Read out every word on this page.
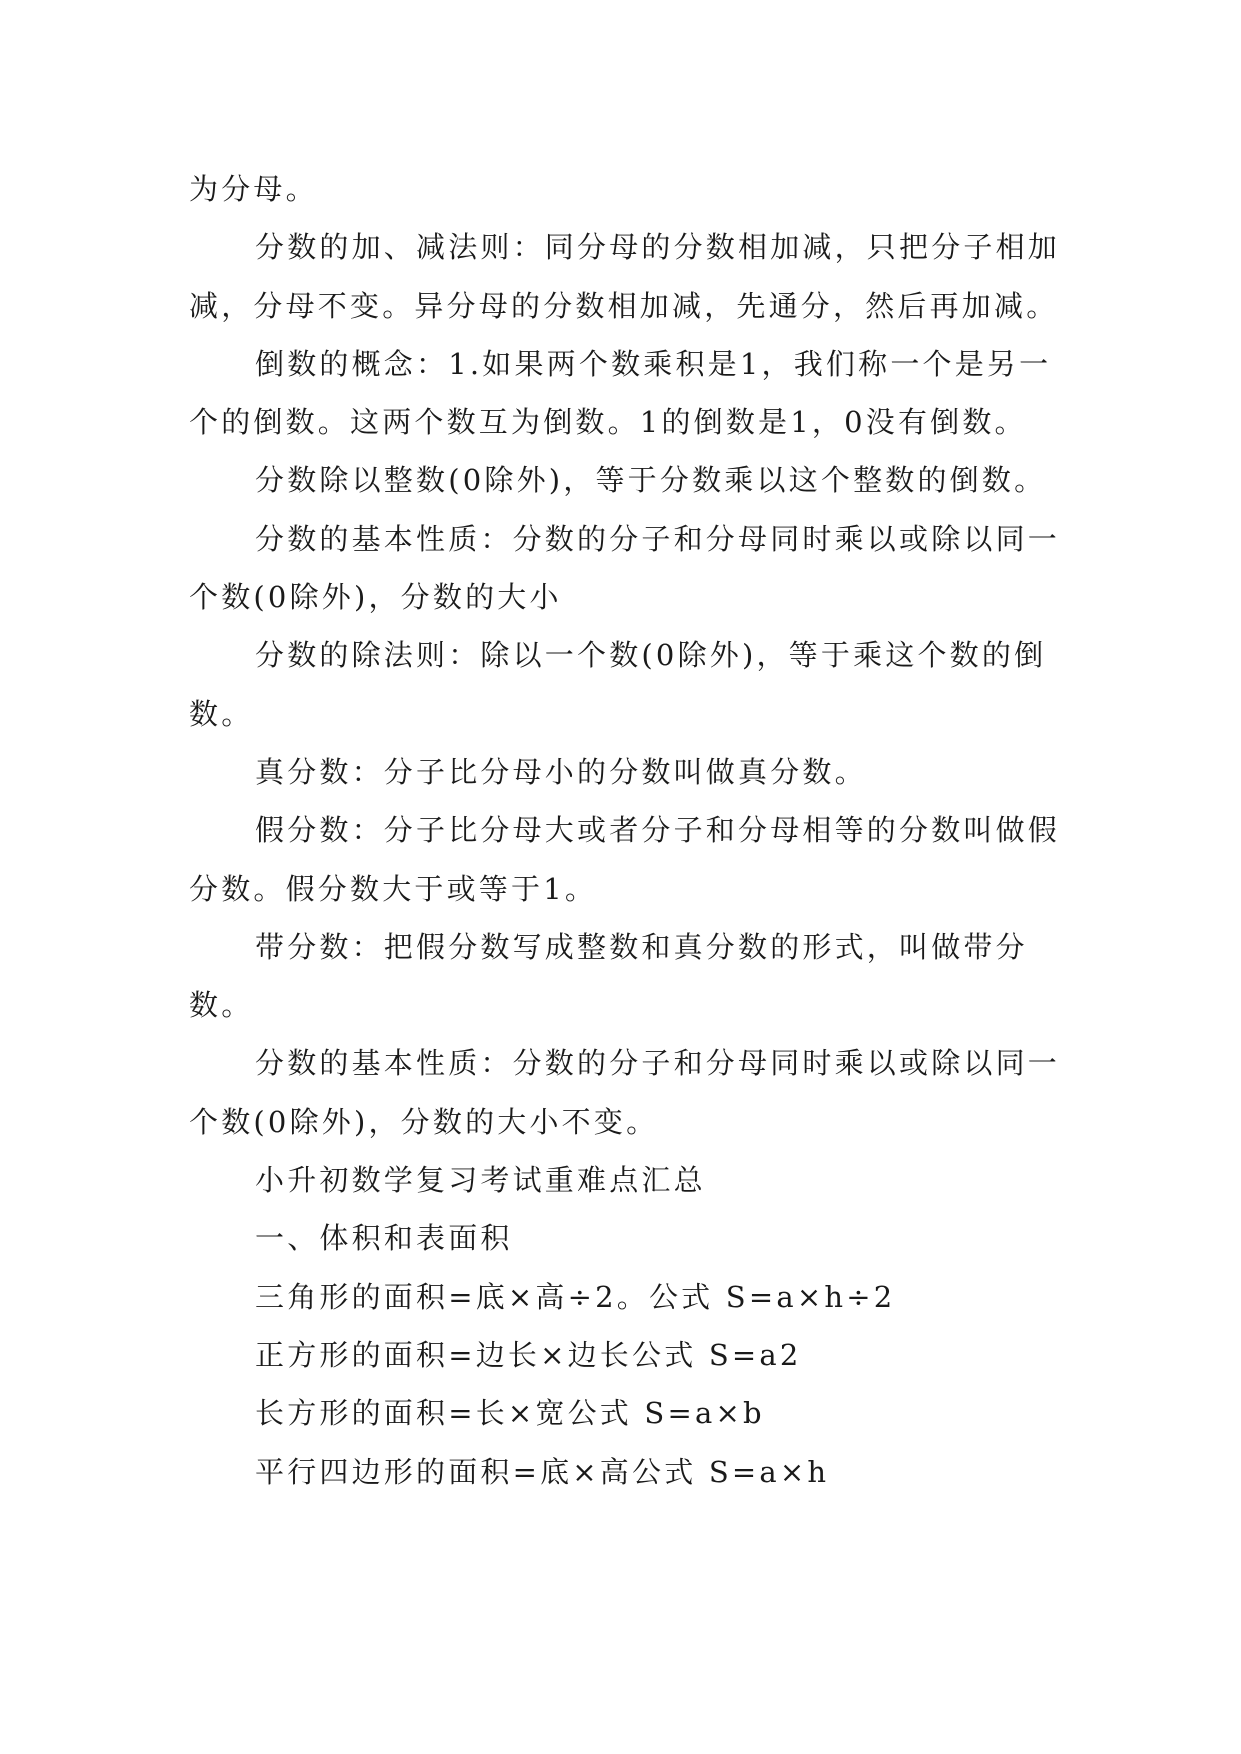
为分母。

分数的加、减法则：同分母的分数相加减，只把分子相加减，分母不变。异分母的分数相加减，先通分，然后再加减。

倒数的概念：1.如果两个数乘积是1，我们称一个是另一个的倒数。这两个数互为倒数。1的倒数是1，0没有倒数。

分数除以整数(0除外)，等于分数乘以这个整数的倒数。

分数的基本性质：分数的分子和分母同时乘以或除以同一个数(0除外)，分数的大小

分数的除法则：除以一个数(0除外)，等于乘这个数的倒数。

真分数：分子比分母小的分数叫做真分数。

假分数：分子比分母大或者分子和分母相等的分数叫做假分数。假分数大于或等于1。

带分数：把假分数写成整数和真分数的形式，叫做带分数。

分数的基本性质：分数的分子和分母同时乘以或除以同一个数(0除外)，分数的大小不变。

小升初数学复习考试重难点汇总

一、体积和表面积

三角形的面积=底×高÷2。公式 S=a×h÷2

正方形的面积=边长×边长公式 S=a2

长方形的面积=长×宽公式 S=a×b

平行四边形的面积=底×高公式 S=a×h
